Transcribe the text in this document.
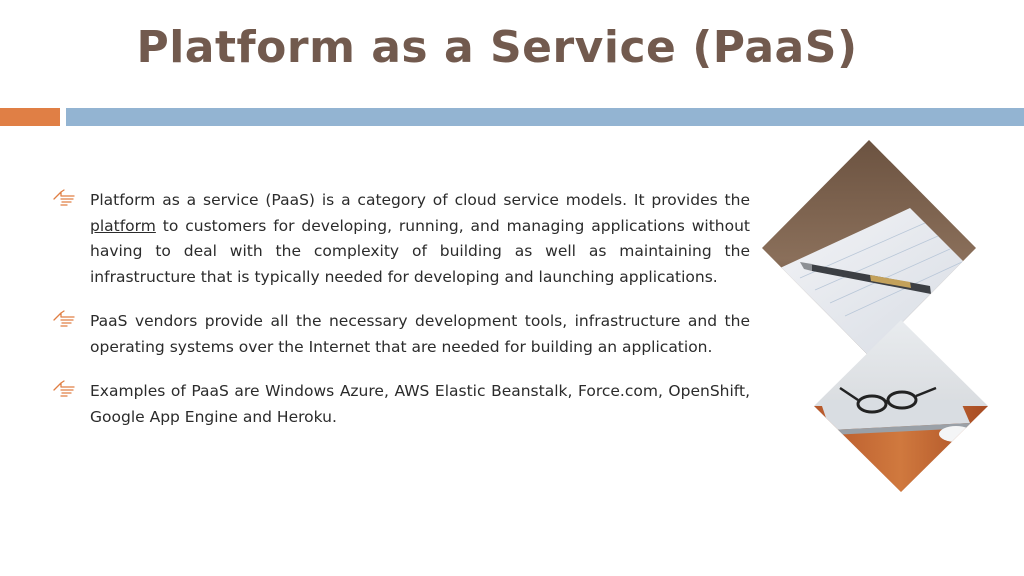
Platform as a Service (PaaS)

Platform as a service (PaaS) is a category of cloud service models. It provides the platform to customers for developing, running, and managing applications without having to deal with the complexity of building as well as maintaining the infrastructure that is typically needed for developing and launching applications.

PaaS vendors provide all the necessary development tools, infrastructure and the operating systems over the Internet that are needed for building an application.

Examples of PaaS are Windows Azure, AWS Elastic Beanstalk, Force.com, OpenShift, Google App Engine and Heroku.
